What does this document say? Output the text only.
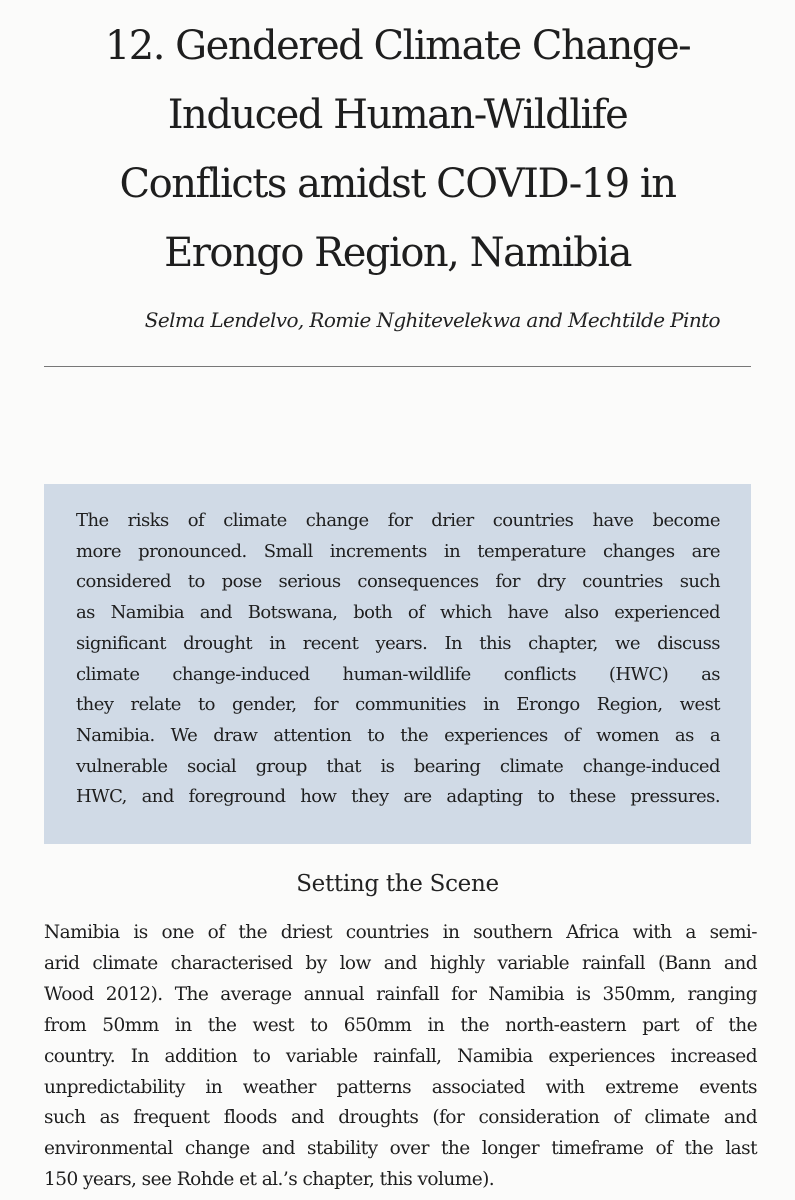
12. Gendered Climate Change-
Induced Human-Wildlife
Conflicts amidst COVID-19 in
Erongo Region, Namibia

Selma Lendelvo, Romie Nghitevelekwa and Mechtilde Pinto

The risks of climate change for drier countries have become
more pronounced. Small increments in temperature changes are
considered to pose serious consequences for dry countries such
as Namibia and Botswana, both of which have also experienced
significant drought in recent years. In this chapter, we discuss
climate change-induced human-wildlife conflicts (HWC) as
they relate to gender, for communities in Erongo Region, west
Namibia. We draw attention to the experiences of women as a
vulnerable social group that is bearing climate change-induced
HWC, and foreground how they are adapting to these pressures.

Setting the Scene

Namibia is one of the driest countries in southern Africa with a semi-
arid climate characterised by low and highly variable rainfall (Bann and
Wood 2012). The average annual rainfall for Namibia is 350mm, ranging
from 50mm in the west to 650mm in the north-eastern part of the
country. In addition to variable rainfall, Namibia experiences increased
unpredictability in weather patterns associated with extreme events
such as frequent floods and droughts (for consideration of climate and
environmental change and stability over the longer timeframe of the last
150 years, see Rohde et al.’s chapter, this volume).
